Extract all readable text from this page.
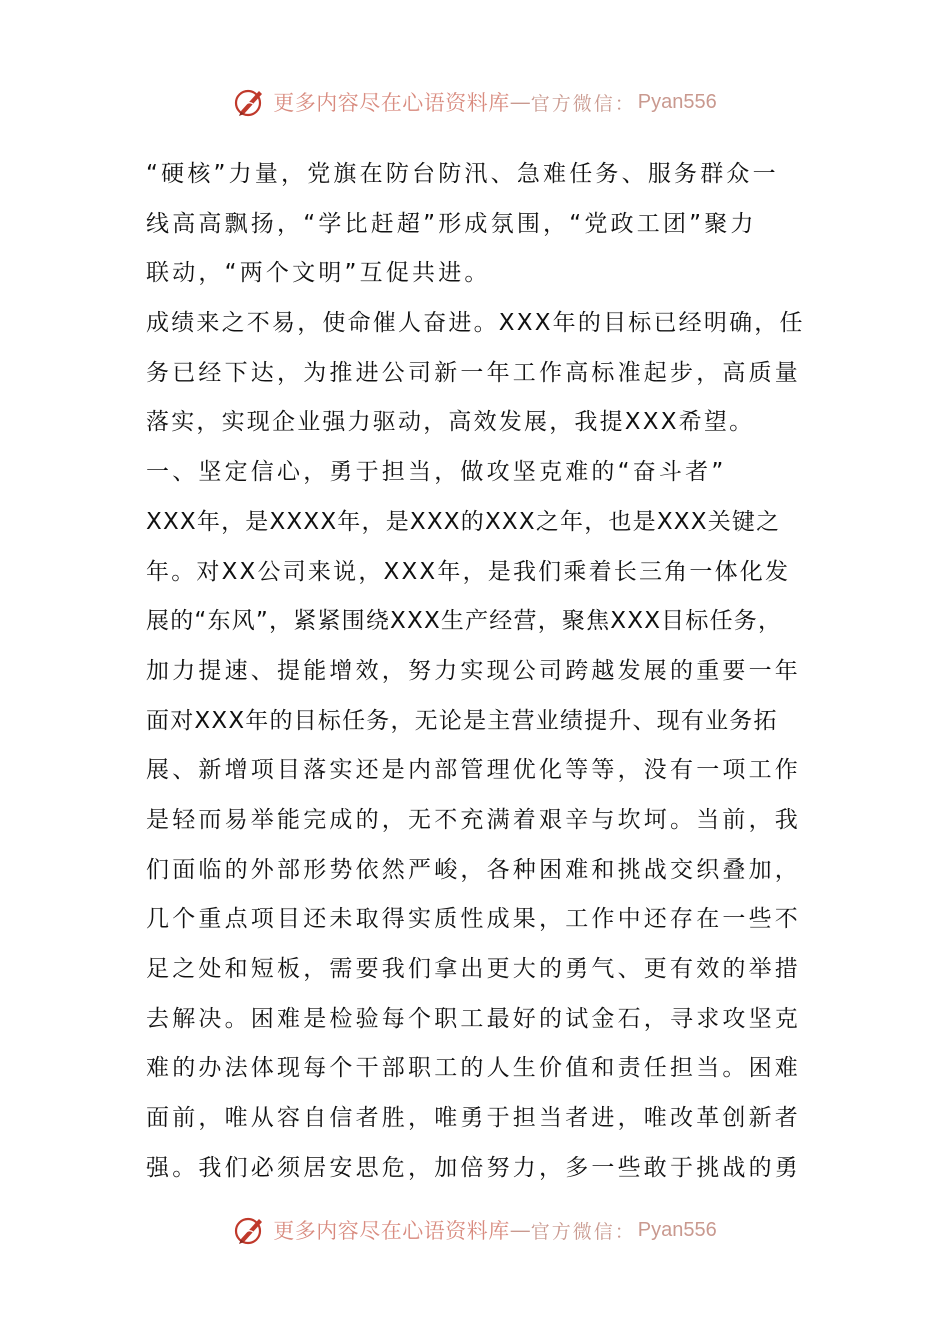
更多内容尽在心语资料库 — 官方微信： Pyan556
“硬核”力量，党旗在防台防汛、急难任务、服务群众一
线高高飘扬，“学比赶超”形成氛围，“党政工团”聚力
联动，“两个文明”互促共进。
成绩来之不易，使命催人奋进。XXX年的目标已经明确，任
务已经下达，为推进公司新一年工作高标准起步，高质量
落实，实现企业强力驱动，高效发展，我提XXX希望。
一、坚定信心，勇于担当，做攻坚克难的“奋斗者”
XXX年，是XXXX年，是XXX的XXX之年，也是XXX关键之
年。对XX公司来说，XXX年，是我们乘着长三角一体化发
展的“东风”，紧紧围绕XXX生产经营，聚焦XXX目标任务，
加力提速、提能增效，努力实现公司跨越发展的重要一年
面对XXX年的目标任务，无论是主营业绩提升、现有业务拓
展、新增项目落实还是内部管理优化等等，没有一项工作
是轻而易举能完成的，无不充满着艰辛与坎坷。当前，我
们面临的外部形势依然严峻，各种困难和挑战交织叠加，
几个重点项目还未取得实质性成果，工作中还存在一些不
足之处和短板，需要我们拿出更大的勇气、更有效的举措
去解决。困难是检验每个职工最好的试金石，寻求攻坚克
难的办法体现每个干部职工的人生价值和责任担当。困难
面前，唯从容自信者胜，唯勇于担当者进，唯改革创新者
强。我们必须居安思危，加倍努力，多一些敢于挑战的勇
更多内容尽在心语资料库 — 官方微信： Pyan556
